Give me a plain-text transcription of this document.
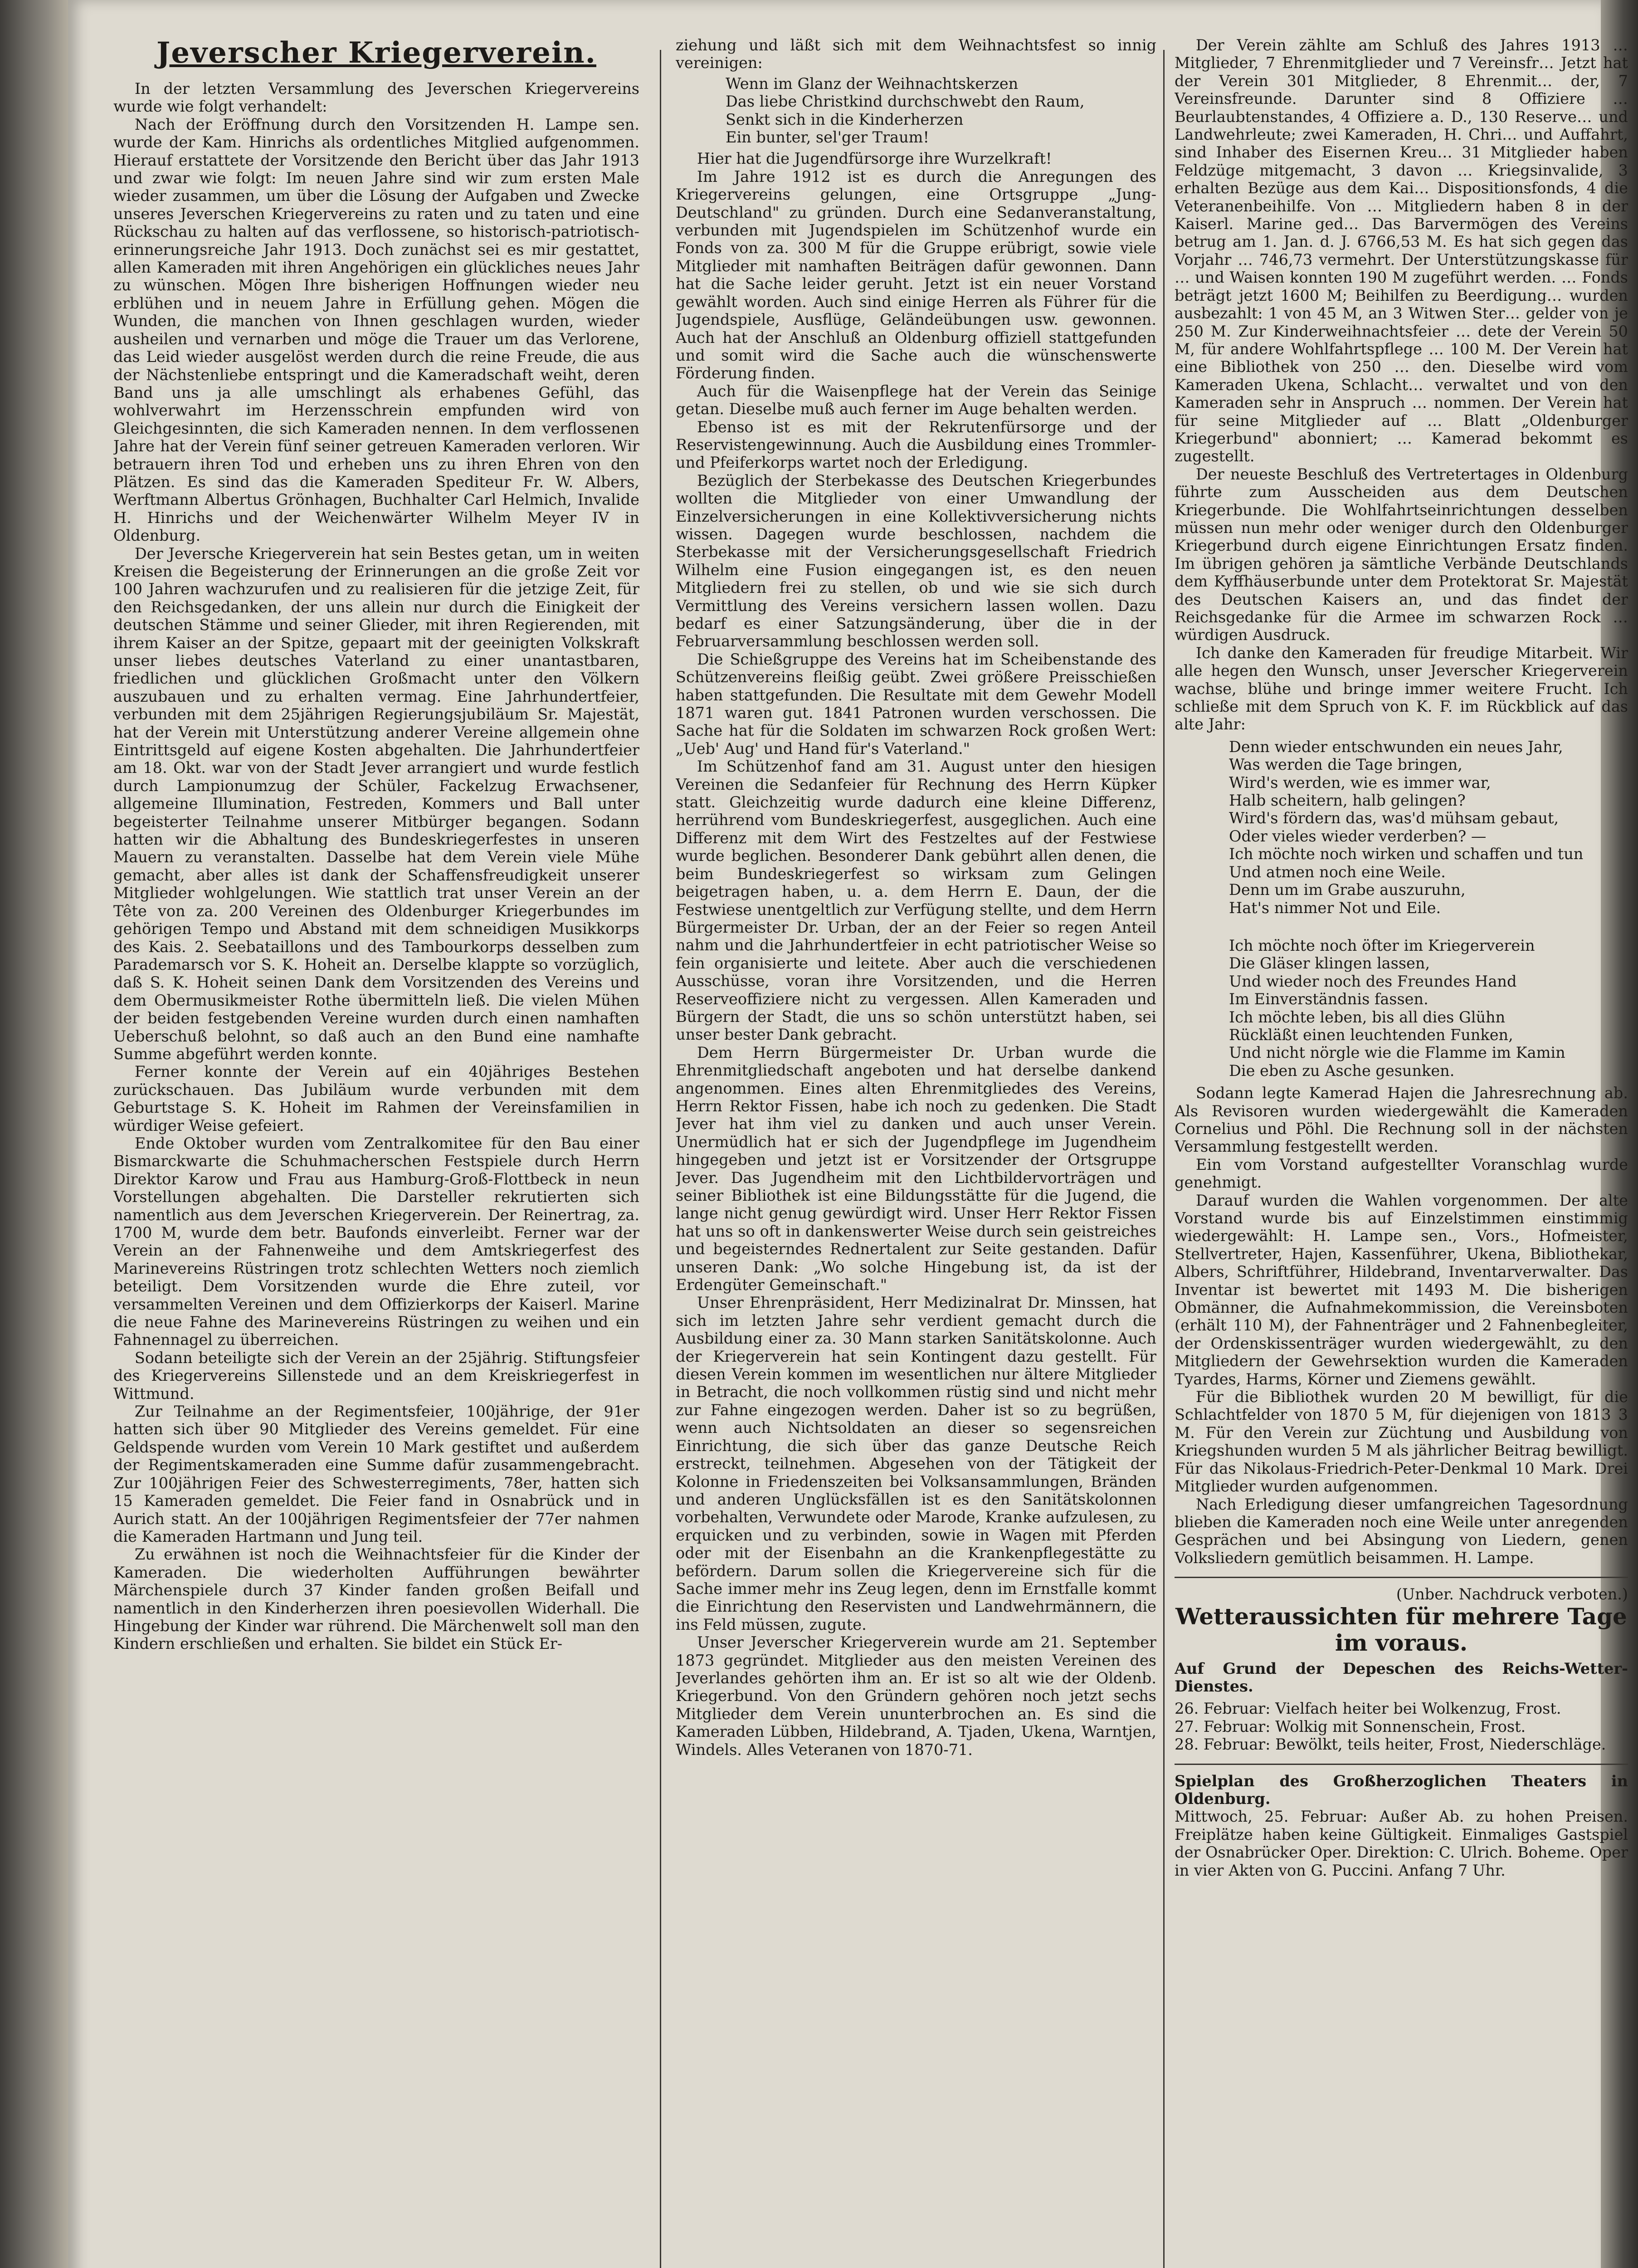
Jeverscher Kriegerverein.

In der letzten Versammlung des Jeverschen Kriegervereins wurde wie folgt verhandelt:

Nach der Eröffnung durch den Vorsitzenden H. Lampe sen. wurde der Kam. Hinrichs als ordentliches Mitglied aufgenommen. Hierauf erstattete der Vorsitzende den Bericht über das Jahr 1913 und zwar wie folgt: Im neuen Jahre sind wir zum ersten Male wieder zusammen, um über die Lösung der Aufgaben und Zwecke unseres Jeverschen Kriegervereins zu raten und zu taten und eine Rückschau zu halten auf das verflossene, so historisch-patriotisch-erinnerungsreiche Jahr 1913. Doch zunächst sei es mir gestattet, allen Kameraden mit ihren Angehörigen ein glückliches neues Jahr zu wünschen. Mögen Ihre bisherigen Hoffnungen wieder neu erblühen und in neuem Jahre in Erfüllung gehen. Mögen die Wunden, die manchen von Ihnen geschlagen wurden, wieder ausheilen und vernarben und möge die Trauer um das Verlorene, das Leid wieder ausgelöst werden durch die reine Freude, die aus der Nächstenliebe entspringt und die Kameradschaft weiht, deren Band uns ja alle umschlingt als erhabenes Gefühl, das wohlverwahrt im Herzensschrein empfunden wird von Gleichgesinnten, die sich Kameraden nennen. In dem verflossenen Jahre hat der Verein fünf seiner getreuen Kameraden verloren. Wir betrauern ihren Tod und erheben uns zu ihren Ehren von den Plätzen. Es sind das die Kameraden Spediteur Fr. W. Albers, Werftmann Albertus Grönhagen, Buchhalter Carl Helmich, Invalide H. Hinrichs und der Weichenwärter Wilhelm Meyer IV in Oldenburg.

Der Jeversche Kriegerverein hat sein Bestes getan, um in weiten Kreisen die Begeisterung der Erinnerungen an die große Zeit vor 100 Jahren wachzurufen und zu realisieren für die jetzige Zeit, für den Reichsgedanken, der uns allein nur durch die Einigkeit der deutschen Stämme und seiner Glieder, mit ihren Regierenden, mit ihrem Kaiser an der Spitze, gepaart mit der geeinigten Volkskraft unser liebes deutsches Vaterland zu einer unantastbaren, friedlichen und glücklichen Großmacht unter den Völkern auszubauen und zu erhalten vermag. Eine Jahrhundertfeier, verbunden mit dem 25jährigen Regierungsjubiläum Sr. Majestät, hat der Verein mit Unterstützung anderer Vereine allgemein ohne Eintrittsgeld auf eigene Kosten abgehalten. Die Jahrhundertfeier am 18. Okt. war von der Stadt Jever arrangiert und wurde festlich durch Lampionumzug der Schüler, Fackelzug Erwachsener, allgemeine Illumination, Festreden, Kommers und Ball unter begeisterter Teilnahme unserer Mitbürger begangen. Sodann hatten wir die Abhaltung des Bundeskriegerfestes in unseren Mauern zu veranstalten. Dasselbe hat dem Verein viele Mühe gemacht, aber alles ist dank der Schaffensfreudigkeit unserer Mitglieder wohlgelungen. Wie stattlich trat unser Verein an der Tête von za. 200 Vereinen des Oldenburger Kriegerbundes im gehörigen Tempo und Abstand mit dem schneidigen Musikkorps des Kais. 2. Seebataillons und des Tambourkorps desselben zum Parademarsch vor S. K. Hoheit an. Derselbe klappte so vorzüglich, daß S. K. Hoheit seinen Dank dem Vorsitzenden des Vereins und dem Obermusikmeister Rothe übermitteln ließ. Die vielen Mühen der beiden festgebenden Vereine wurden durch einen namhaften Ueberschuß belohnt, so daß auch an den Bund eine namhafte Summe abgeführt werden konnte.

Ferner konnte der Verein auf ein 40jähriges Bestehen zurückschauen. Das Jubiläum wurde verbunden mit dem Geburtstage S. K. Hoheit im Rahmen der Vereinsfamilien in würdiger Weise gefeiert.

Ende Oktober wurden vom Zentralkomitee für den Bau einer Bismarckwarte die Schuhmacherschen Festspiele durch Herrn Direktor Karow und Frau aus Hamburg-Groß-Flottbeck in neun Vorstellungen abgehalten. Die Darsteller rekrutierten sich namentlich aus dem Jeverschen Kriegerverein. Der Reinertrag, za. 1700 M, wurde dem betr. Baufonds einverleibt. Ferner war der Verein an der Fahnenweihe und dem Amtskriegerfest des Marinevereins Rüstringen trotz schlechten Wetters noch ziemlich beteiligt. Dem Vorsitzenden wurde die Ehre zuteil, vor versammelten Vereinen und dem Offizierkorps der Kaiserl. Marine die neue Fahne des Marinevereins Rüstringen zu weihen und ein Fahnennagel zu überreichen.

Sodann beteiligte sich der Verein an der 25jährig. Stiftungsfeier des Kriegervereins Sillenstede und an dem Kreiskriegerfest in Wittmund.

Zur Teilnahme an der Regimentsfeier, 100jährige, der 91er hatten sich über 90 Mitglieder des Vereins gemeldet. Für eine Geldspende wurden vom Verein 10 Mark gestiftet und außerdem der Regimentskameraden eine Summe dafür zusammengebracht. Zur 100jährigen Feier des Schwesterregiments, 78er, hatten sich 15 Kameraden gemeldet. Die Feier fand in Osnabrück und in Aurich statt. An der 100jährigen Regimentsfeier der 77er nahmen die Kameraden Hartmann und Jung teil.

Zu erwähnen ist noch die Weihnachtsfeier für die Kinder der Kameraden. Die wiederholten Aufführungen bewährter Märchenspiele durch 37 Kinder fanden großen Beifall und namentlich in den Kinderherzen ihren poesievollen Widerhall. Die Hingebung der Kinder war rührend. Die Märchenwelt soll man den Kindern erschließen und erhalten. Sie bildet ein Stück Er-

ziehung und läßt sich mit dem Weihnachtsfest so innig vereinigen:

Wenn im Glanz der Weihnachtskerzen
Das liebe Christkind durchschwebt den Raum,
Senkt sich in die Kinderherzen
Ein bunter, sel'ger Traum!

Hier hat die Jugendfürsorge ihre Wurzelkraft!

Im Jahre 1912 ist es durch die Anregungen des Kriegervereins gelungen, eine Ortsgruppe „Jung-Deutschland" zu gründen. Durch eine Sedanveranstaltung, verbunden mit Jugendspielen im Schützenhof wurde ein Fonds von za. 300 M für die Gruppe erübrigt, sowie viele Mitglieder mit namhaften Beiträgen dafür gewonnen. Dann hat die Sache leider geruht. Jetzt ist ein neuer Vorstand gewählt worden. Auch sind einige Herren als Führer für die Jugendspiele, Ausflüge, Geländeübungen usw. gewonnen. Auch hat der Anschluß an Oldenburg offiziell stattgefunden und somit wird die Sache auch die wünschenswerte Förderung finden.

Auch für die Waisenpflege hat der Verein das Seinige getan. Dieselbe muß auch ferner im Auge behalten werden.

Ebenso ist es mit der Rekrutenfürsorge und der Reservistengewinnung. Auch die Ausbildung eines Trommler- und Pfeiferkorps wartet noch der Erledigung.

Bezüglich der Sterbekasse des Deutschen Kriegerbundes wollten die Mitglieder von einer Umwandlung der Einzelversicherungen in eine Kollektivversicherung nichts wissen. Dagegen wurde beschlossen, nachdem die Sterbekasse mit der Versicherungsgesellschaft Friedrich Wilhelm eine Fusion eingegangen ist, es den neuen Mitgliedern frei zu stellen, ob und wie sie sich durch Vermittlung des Vereins versichern lassen wollen. Dazu bedarf es einer Satzungsänderung, über die in der Februarversammlung beschlossen werden soll.

Die Schießgruppe des Vereins hat im Scheibenstande des Schützenvereins fleißig geübt. Zwei größere Preisschießen haben stattgefunden. Die Resultate mit dem Gewehr Modell 1871 waren gut. 1841 Patronen wurden verschossen. Die Sache hat für die Soldaten im schwarzen Rock großen Wert: „Ueb' Aug' und Hand für's Vaterland."

Im Schützenhof fand am 31. August unter den hiesigen Vereinen die Sedanfeier für Rechnung des Herrn Küpker statt. Gleichzeitig wurde dadurch eine kleine Differenz, herrührend vom Bundeskriegerfest, ausgeglichen. Auch eine Differenz mit dem Wirt des Festzeltes auf der Festwiese wurde beglichen. Besonderer Dank gebührt allen denen, die beim Bundeskriegerfest so wirksam zum Gelingen beigetragen haben, u. a. dem Herrn E. Daun, der die Festwiese unentgeltlich zur Verfügung stellte, und dem Herrn Bürgermeister Dr. Urban, der an der Feier so regen Anteil nahm und die Jahrhundertfeier in echt patriotischer Weise so fein organisierte und leitete. Aber auch die verschiedenen Ausschüsse, voran ihre Vorsitzenden, und die Herren Reserveoffiziere nicht zu vergessen. Allen Kameraden und Bürgern der Stadt, die uns so schön unterstützt haben, sei unser bester Dank gebracht.

Dem Herrn Bürgermeister Dr. Urban wurde die Ehrenmitgliedschaft angeboten und hat derselbe dankend angenommen. Eines alten Ehrenmitgliedes des Vereins, Herrn Rektor Fissen, habe ich noch zu gedenken. Die Stadt Jever hat ihm viel zu danken und auch unser Verein. Unermüdlich hat er sich der Jugendpflege im Jugendheim hingegeben und jetzt ist er Vorsitzender der Ortsgruppe Jever. Das Jugendheim mit den Lichtbildervorträgen und seiner Bibliothek ist eine Bildungsstätte für die Jugend, die lange nicht genug gewürdigt wird. Unser Herr Rektor Fissen hat uns so oft in dankenswerter Weise durch sein geistreiches und begeisterndes Rednertalent zur Seite gestanden. Dafür unseren Dank: „Wo solche Hingebung ist, da ist der Erdengüter Gemeinschaft."

Unser Ehrenpräsident, Herr Medizinalrat Dr. Minssen, hat sich im letzten Jahre sehr verdient gemacht durch die Ausbildung einer za. 30 Mann starken Sanitätskolonne. Auch der Kriegerverein hat sein Kontingent dazu gestellt. Für diesen Verein kommen im wesentlichen nur ältere Mitglieder in Betracht, die noch vollkommen rüstig sind und nicht mehr zur Fahne eingezogen werden. Daher ist so zu begrüßen, wenn auch Nichtsoldaten an dieser so segensreichen Einrichtung, die sich über das ganze Deutsche Reich erstreckt, teilnehmen. Abgesehen von der Tätigkeit der Kolonne in Friedenszeiten bei Volksansammlungen, Bränden und anderen Unglücksfällen ist es den Sanitätskolonnen vorbehalten, Verwundete oder Marode, Kranke aufzulesen, zu erquicken und zu verbinden, sowie in Wagen mit Pferden oder mit der Eisenbahn an die Krankenpflegestätte zu befördern. Darum sollen die Kriegervereine sich für die Sache immer mehr ins Zeug legen, denn im Ernstfalle kommt die Einrichtung den Reservisten und Landwehrmännern, die ins Feld müssen, zugute.

Unser Jeverscher Kriegerverein wurde am 21. September 1873 gegründet. Mitglieder aus den meisten Vereinen des Jeverlandes gehörten ihm an. Er ist so alt wie der Oldenb. Kriegerbund. Von den Gründern gehören noch jetzt sechs Mitglieder dem Verein ununterbrochen an. Es sind die Kameraden Lübben, Hildebrand, A. Tjaden, Ukena, Warntjen, Windels. Alles Veteranen von 1870-71.

Der Verein zählte am Schluß des Jahres 1913 … Mitglieder, 7 Ehrenmitglieder und 7 Vereinsfr… Jetzt hat der Verein 301 Mitglieder, 8 Ehrenmit… der, 7 Vereinsfreunde. Darunter sind 8 Offiziere … Beurlaubtenstandes, 4 Offiziere a. D., 130 Reserve… und Landwehrleute; zwei Kameraden, H. Chri… und Auffahrt, sind Inhaber des Eisernen Kreu… 31 Mitglieder haben Feldzüge mitgemacht, 3 davon … Kriegsinvalide, 3 erhalten Bezüge aus dem Kai… Dispositionsfonds, 4 die Veteranenbeihilfe. Von … Mitgliedern haben 8 in der Kaiserl. Marine ged… Das Barvermögen des Vereins betrug am 1. Jan. d. J. 6766,53 M. Es hat sich gegen das Vorjahr … 746,73 vermehrt. Der Unterstützungskasse für … und Waisen konnten 190 M zugeführt werden. … Fonds beträgt jetzt 1600 M; Beihilfen zu Beerdigung… wurden ausbezahlt: 1 von 45 M, an 3 Witwen Ster… gelder von je 250 M. Zur Kinderweihnachtsfeier … dete der Verein 50 M, für andere Wohlfahrtspflege … 100 M. Der Verein hat eine Bibliothek von 250 … den. Dieselbe wird vom Kameraden Ukena, Schlacht… verwaltet und von den Kameraden sehr in Anspruch … nommen. Der Verein hat für seine Mitglieder auf … Blatt „Oldenburger Kriegerbund" abonniert; … Kamerad bekommt es zugestellt.

Der neueste Beschluß des Vertretertages in Oldenburg führte zum Ausscheiden aus dem Deutschen Kriegerbunde. Die Wohlfahrtseinrichtungen desselben müssen nun mehr oder weniger durch den Oldenburger Kriegerbund durch eigene Einrichtungen Ersatz finden. Im übrigen gehören ja sämtliche Verbände Deutschlands dem Kyffhäuserbunde unter dem Protektorat Sr. Majestät des Deutschen Kaisers an, und das findet der Reichsgedanke für die Armee im schwarzen Rock … würdigen Ausdruck.

Ich danke den Kameraden für freudige Mitarbeit. Wir alle hegen den Wunsch, unser Jeverscher Kriegerverein wachse, blühe und bringe immer weitere Frucht. Ich schließe mit dem Spruch von K. F. im Rückblick auf das alte Jahr:

Denn wieder entschwunden ein neues Jahr,
Was werden die Tage bringen,
Wird's werden, wie es immer war,
Halb scheitern, halb gelingen?
Wird's fördern das, was'd mühsam gebaut,
Oder vieles wieder verderben? —
Ich möchte noch wirken und schaffen und tun
Und atmen noch eine Weile.
Denn um im Grabe auszuruhn,
Hat's nimmer Not und Eile.
Ich möchte noch öfter im Kriegerverein
Die Gläser klingen lassen,
Und wieder noch des Freundes Hand
Im Einverständnis fassen.
Ich möchte leben, bis all dies Glühn
Rückläßt einen leuchtenden Funken,
Und nicht nörgle wie die Flamme im Kamin
Die eben zu Asche gesunken.

Sodann legte Kamerad Hajen die Jahresrechnung ab. Als Revisoren wurden wiedergewählt die Kameraden Cornelius und Pöhl. Die Rechnung soll in der nächsten Versammlung festgestellt werden.

Ein vom Vorstand aufgestellter Voranschlag wurde genehmigt.

Darauf wurden die Wahlen vorgenommen. Der alte Vorstand wurde bis auf Einzelstimmen einstimmig wiedergewählt: H. Lampe sen., Vors., Hofmeister, Stellvertreter, Hajen, Kassenführer, Ukena, Bibliothekar, Albers, Schriftführer, Hildebrand, Inventarverwalter. Das Inventar ist bewertet mit 1493 M. Die bisherigen Obmänner, die Aufnahmekommission, die Vereinsboten (erhält 110 M), der Fahnenträger und 2 Fahnenbegleiter, der Ordenskissenträger wurden wiedergewählt, zu den Mitgliedern der Gewehrsektion wurden die Kameraden Tyardes, Harms, Körner und Ziemens gewählt.

Für die Bibliothek wurden 20 M bewilligt, für die Schlachtfelder von 1870 5 M, für diejenigen von 1813 3 M. Für den Verein zur Züchtung und Ausbildung von Kriegshunden wurden 5 M als jährlicher Beitrag bewilligt. Für das Nikolaus-Friedrich-Peter-Denkmal 10 Mark. Drei Mitglieder wurden aufgenommen.

Nach Erledigung dieser umfangreichen Tagesordnung blieben die Kameraden noch eine Weile unter anregenden Gesprächen und bei Absingung von Liedern, genen Volksliedern gemütlich beisammen. H. Lampe.

(Unber. Nachdruck verboten.)
Wetteraussichten für mehrere Tage im voraus.
Auf Grund der Depeschen des Reichs-Wetter-Dienstes.
26. Februar: Vielfach heiter bei Wolkenzug, Frost.
27. Februar: Wolkig mit Sonnenschein, Frost.
28. Februar: Bewölkt, teils heiter, Frost, Niederschläge.
Spielplan des Großherzoglichen Theaters in Oldenburg.

Mittwoch, 25. Februar: Außer Ab. zu hohen Preisen. Freiplätze haben keine Gültigkeit. Einmaliges Gastspiel der Osnabrücker Oper. Direktion: C. Ulrich. Boheme. Oper in vier Akten von G. Puccini. Anfang 7 Uhr.
